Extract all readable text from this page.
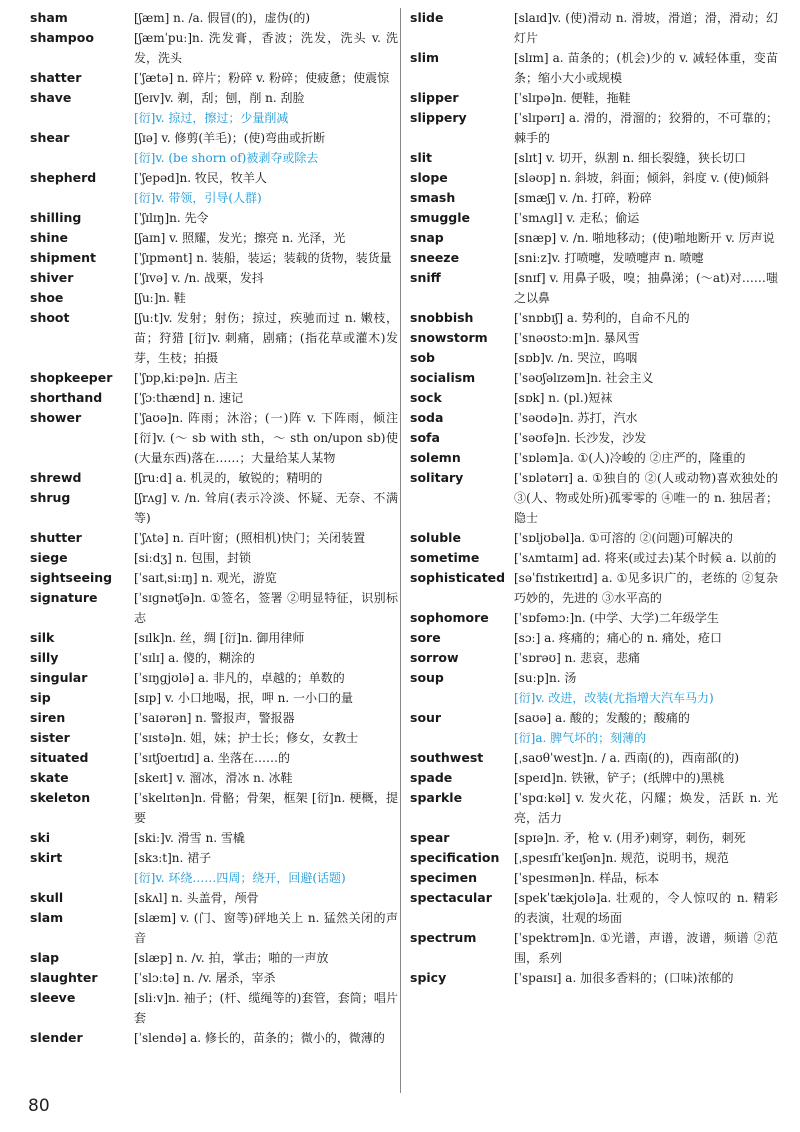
sham	[ʃæm] n. /a. 假冒(的)，虚伪(的)
shampoo	[ʃæmˈpuː]n. 洗发膏，香波；洗发，洗头 v. 洗发，洗头
shatter	[ˈʃætə] n. 碎片；粉碎 v. 粉碎；使疲惫；使震惊
shave	[ʃeɪv]v. 剃，刮；刨，削 n. 刮脸
[衍]v. 掠过，擦过；少量削减
shear	[ʃɪə] v. 修剪(羊毛)；(使)弯曲或折断
[衍]v. (be shorn of)被剥夺或除去
shepherd	[ˈʃepəd]n. 牧民，牧羊人
[衍]v. 带领，引导(人群)
shilling	[ˈʃɪlɪŋ]n. 先令
shine	[ʃaɪn] v. 照耀，发光；擦亮 n. 光泽，光
shipment	[ˈʃɪpmənt] n. 装船，装运；装载的货物，装货量
shiver	[ˈʃɪvə] v. /n. 战栗，发抖
shoe	[ʃuː]n. 鞋
shoot	[ʃuːt]v. 发射；射伤；掠过，疾驰而过 n. 嫩枝，苗；狩猎 [衍]v. 刺痛，剧痛；(指花草或灌木)发芽，生枝；拍摄
shopkeeper	[ˈʃɒpˌkiːpə]n. 店主
shorthand	[ˈʃɔːthænd] n. 速记
shower	[ˈʃaʊə]n. 阵雨；沐浴；(一)阵 v. 下阵雨，倾注 [衍]v. (～ sb with sth，～ sth on/upon sb)使(大量东西)落在……；大量给某人某物
shrewd	[ʃruːd] a. 机灵的，敏锐的；精明的
shrug	[ʃrʌɡ] v. /n. 耸肩(表示冷淡、怀疑、无奈、不满等)
shutter	[ˈʃʌtə] n. 百叶窗；(照相机)快门；关闭装置
siege	[siːdʒ] n. 包围，封锁
sightseeing	[ˈsaɪtˌsiːɪŋ] n. 观光，游览
signature	[ˈsɪɡnətʃə]n. ①签名，签署 ②明显特征，识别标志
silk	[sɪlk]n. 丝，绸 [衍]n. 御用律师
silly	[ˈsɪlɪ] a. 傻的，糊涂的
singular	[ˈsɪŋɡjʊlə] a. 非凡的，卓越的；单数的
sip	[sɪp] v. 小口地喝，抿，呷 n. 一小口的量
siren	[ˈsaɪərən] n. 警报声，警报器
sister	[ˈsɪstə]n. 姐，妹；护士长；修女，女教士
situated	[ˈsɪtʃʊeɪtɪd] a. 坐落在……的
skate	[skeɪt] v. 溜冰，滑冰 n. 冰鞋
skeleton	[ˈskelɪtən]n. 骨骼；骨架，框架 [衍]n. 梗概，提要
ski	[skiː]v. 滑雪 n. 雪橇
skirt	[skɜːt]n. 裙子
[衍]v. 环绕……四周；绕开，回避(话题)
skull	[skʌl] n. 头盖骨，颅骨
slam	[slæm] v. (门、窗等)砰地关上 n. 猛然关闭的声音
slap	[slæp] n. /v. 拍，掌击；啪的一声放
slaughter	[ˈslɔːtə] n. /v. 屠杀，宰杀
sleeve	[sliːv]n. 袖子；(杆、缆绳等的)套管，套筒；唱片套
slender	[ˈslendə] a. 修长的，苗条的；微小的，微薄的
slide	[slaɪd]v. (使)滑动 n. 滑坡，滑道；滑，滑动；幻灯片
slim	[slɪm] a. 苗条的；(机会)少的 v. 减轻体重，变苗条；缩小大小或规模
slipper	[ˈslɪpə]n. 便鞋，拖鞋
slippery	[ˈslɪpərɪ] a. 滑的，滑溜的；狡猾的，不可靠的；棘手的
slit	[slɪt] v. 切开，纵割 n. 细长裂缝，狭长切口
slope	[sləʊp] n. 斜坡，斜面；倾斜，斜度 v. (使)倾斜
smash	[smæʃ] v. /n. 打碎，粉碎
smuggle	[ˈsmʌɡl] v. 走私；偷运
snap	[snæp] v. /n. 啪地移动；(使)啪地断开 v. 厉声说
sneeze	[sniːz]v. 打喷嚏，发喷嚏声 n. 喷嚏
sniff	[snɪf] v. 用鼻子吸，嗅；抽鼻涕；(～at)对……嗤之以鼻
snobbish	[ˈsnɒbɪʃ] a. 势利的，自命不凡的
snowstorm	[ˈsnəʊstɔːm]n. 暴风雪
sob	[sɒb]v. /n. 哭泣，呜咽
socialism	[ˈsəʊʃəlɪzəm]n. 社会主义
sock	[sɒk] n. (pl.)短袜
soda	[ˈsəʊdə]n. 苏打，汽水
sofa	[ˈsəʊfə]n. 长沙发，沙发
solemn	[ˈsɒləm]a. ①(人)冷峻的 ②庄严的，隆重的
solitary	[ˈsɒlətərɪ] a. ①独自的 ②(人或动物)喜欢独处的 ③(人、物或处所)孤零零的 ④唯一的 n. 独居者；隐士
soluble	[ˈsɒljʊbəl]a. ①可溶的 ②(问题)可解决的
sometime	[ˈsʌmtaɪm] ad. 将来(或过去)某个时候 a. 以前的
sophisticated [səˈfɪstɪkeɪtɪd] a. ①见多识广的，老练的 ②复杂巧妙的，先进的 ③水平高的
sophomore	[ˈsɒfəmɔː]n. (中学、大学)二年级学生
sore	[sɔː] a. 疼痛的；痛心的 n. 痛处，疮口
sorrow	[ˈsɒrəʊ] n. 悲哀，悲痛
soup	[suːp]n. 汤
[衍]v. 改进，改装(尤指增大汽车马力)
sour	[saʊə] a. 酸的；发酸的；酸痛的
[衍]a. 脾气坏的；刻薄的
southwest	[ˌsaʊθˈwest]n. / a. 西南(的)，西南部(的)
spade	[speɪd]n. 铁锹，铲子；(纸牌中的)黑桃
sparkle	[ˈspɑːkəl] v. 发火花，闪耀；焕发，活跃 n. 光亮，活力
spear	[spɪə]n. 矛，枪 v. (用矛)刺穿，刺伤，刺死
specification	[ˌspesɪfɪˈkeɪʃən]n. 规范，说明书，规范
specimen	[ˈspesɪmən]n. 样品，标本
spectacular	[spekˈtækjʊlə]a. 壮观的，令人惊叹的 n. 精彩的表演，壮观的场面
spectrum	[ˈspektrəm]n. ①光谱，声谱，波谱，频谱 ②范围，系列
spicy	[ˈspaɪsɪ] a. 加很多香料的；(口味)浓郁的
80
